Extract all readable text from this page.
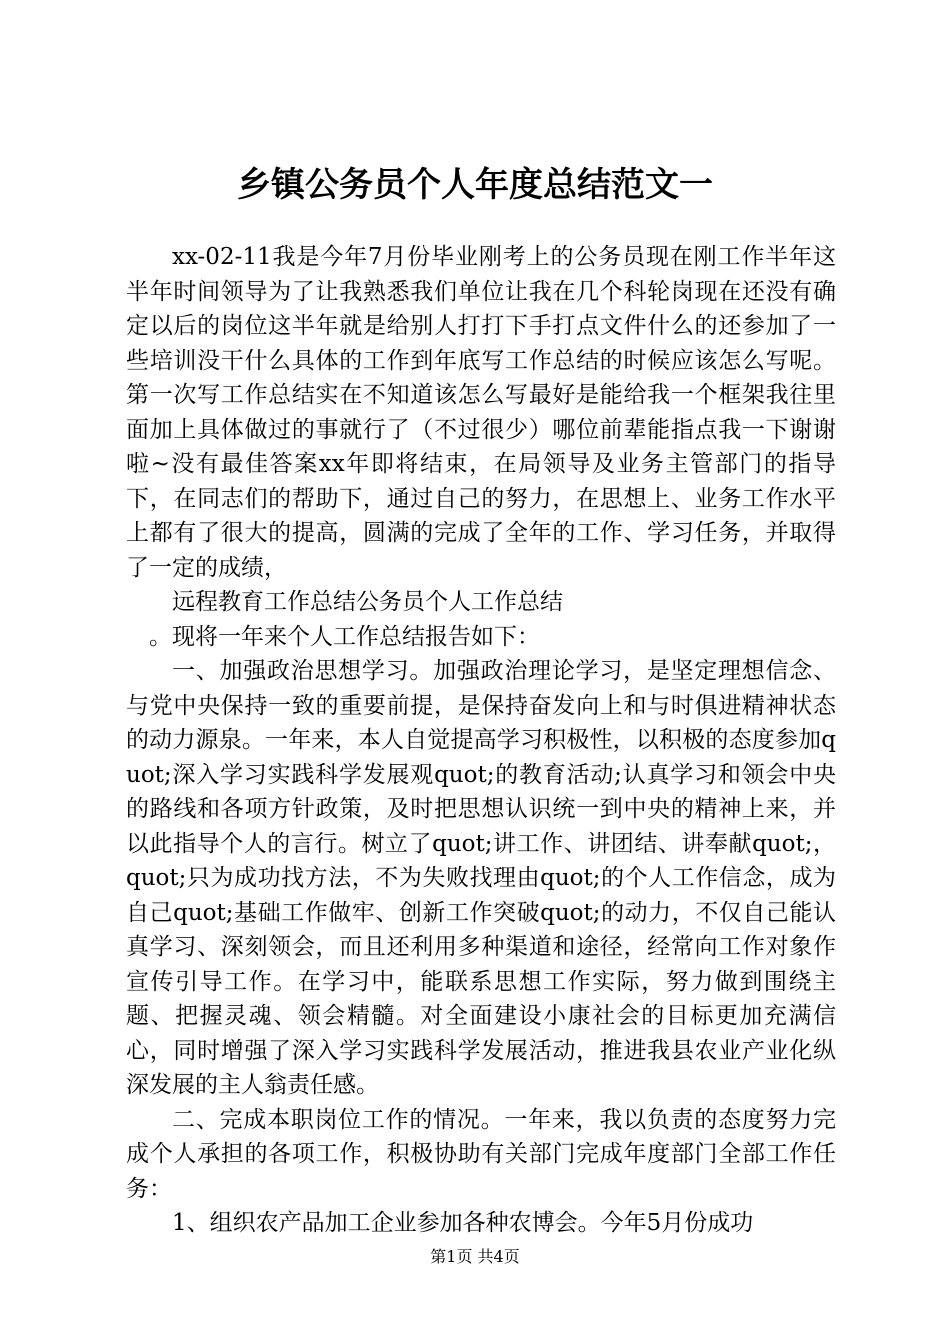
乡镇公务员个人年度总结范文一

xx-02-11我是今年7月份毕业刚考上的公务员现在刚工作半年这半年时间领导为了让我熟悉我们单位让我在几个科轮岗现在还没有确定以后的岗位这半年就是给别人打打下手打点文件什么的还参加了一些培训没干什么具体的工作到年底写工作总结的时候应该怎么写呢。第一次写工作总结实在不知道该怎么写最好是能给我一个框架我往里面加上具体做过的事就行了（不过很少）哪位前辈能指点我一下谢谢啦~没有最佳答案xx年即将结束，在局领导及业务主管部门的指导下，在同志们的帮助下，通过自己的努力，在思想上、业务工作水平上都有了很大的提高，圆满的完成了全年的工作、学习任务，并取得了一定的成绩，

远程教育工作总结公务员个人工作总结

。现将一年来个人工作总结报告如下：

一、加强政治思想学习。加强政治理论学习，是坚定理想信念、与党中央保持一致的重要前提，是保持奋发向上和与时俱进精神状态的动力源泉。一年来，本人自觉提高学习积极性，以积极的态度参加quot;深入学习实践科学发展观quot;的教育活动;认真学习和领会中央的路线和各项方针政策，及时把思想认识统一到中央的精神上来，并以此指导个人的言行。树立了quot;讲工作、讲团结、讲奉献quot;，quot;只为成功找方法，不为失败找理由quot;的个人工作信念，成为自己quot;基础工作做牢、创新工作突破quot;的动力，不仅自己能认真学习、深刻领会，而且还利用多种渠道和途径，经常向工作对象作宣传引导工作。在学习中，能联系思想工作实际，努力做到围绕主题、把握灵魂、领会精髓。对全面建设小康社会的目标更加充满信心，同时增强了深入学习实践科学发展活动，推进我县农业产业化纵深发展的主人翁责任感。

二、完成本职岗位工作的情况。一年来，我以负责的态度努力完成个人承担的各项工作，积极协助有关部门完成年度部门全部工作任务：

1、组织农产品加工企业参加各种农博会。今年5月份成功

第1页 共4页
